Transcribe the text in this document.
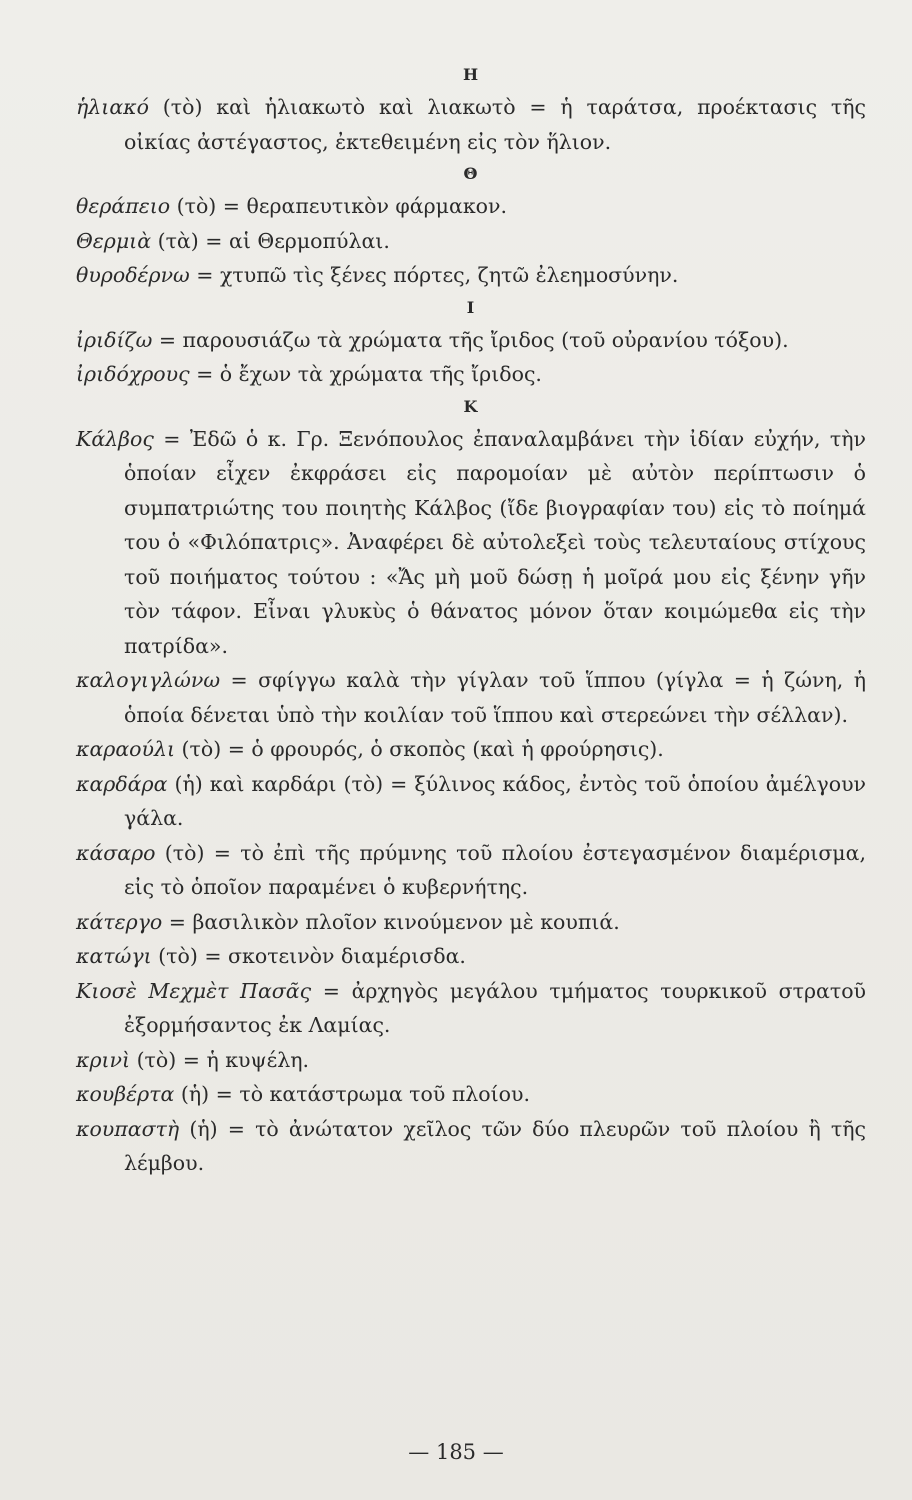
Η

ἡλιακό (τὸ) καὶ ἡλιακωτὸ καὶ λιακωτὸ = ἡ ταράτσα, προέκτασις τῆς οἰκίας ἀστέγαστος, ἐκτεθειμένη εἰς τὸν ἥλιον.

Θ

θεράπειο (τὸ) = θεραπευτικὸν φάρμακον.

Θερμιὰ (τὰ) = αἱ Θερμοπύλαι.

θυροδέρνω = χτυπῶ τὶς ξένες πόρτες, ζητῶ ἐλεημοσύνην.

Ι

ἰριδίζω = παρουσιάζω τὰ χρώματα τῆς ἴριδος (τοῦ οὐρανίου τόξου).

ἰριδόχρους = ὁ ἔχων τὰ χρώματα τῆς ἴριδος.

Κ

Κάλβος = Ἐδῶ ὁ κ. Γρ. Ξενόπουλος ἐπαναλαμβάνει τὴν ἰδίαν εὐχήν, τὴν ὁποίαν εἶχεν ἐκφράσει εἰς παρομοίαν μὲ αὐτὸν περίπτωσιν ὁ συμπατριώτης του ποιητὴς Κάλβος (ἴδε βιογραφίαν του) εἰς τὸ ποίημά του ὁ «Φιλόπατρις». Ἀναφέρει δὲ αὐτολεξεὶ τοὺς τελευταίους στίχους τοῦ ποιήματος τούτου : «Ἄς μὴ μοῦ δώσῃ ἡ μοῖρά μου εἰς ξένην γῆν τὸν τάφον. Εἶναι γλυκὺς ὁ θάνατος μόνον ὅταν κοιμώμεθα εἰς τὴν πατρίδα».

καλογιγλώνω = σφίγγω καλὰ τὴν γίγλαν τοῦ ἵππου (γίγλα = ἡ ζώνη, ἡ ὁποία δένεται ὑπὸ τὴν κοιλίαν τοῦ ἵππου καὶ στερεώνει τὴν σέλλαν).

καραούλι (τὸ) = ὁ φρουρός, ὁ σκοπὸς (καὶ ἡ φρούρησις).

καρδάρα (ἡ) καὶ καρδάρι (τὸ) = ξύλινος κάδος, ἐντὸς τοῦ ὁποίου ἀμέλγουν γάλα.

κάσαρο (τὸ) = τὸ ἐπὶ τῆς πρύμνης τοῦ πλοίου ἐστεγασμένον διαμέρισμα, εἰς τὸ ὁποῖον παραμένει ὁ κυβερνήτης.

κάτεργο = βασιλικὸν πλοῖον κινούμενον μὲ κουπιά.

κατώγι (τὸ) = σκοτεινὸν διαμέρισδα.

Κιοσὲ Μεχμὲτ Πασᾶς = ἀρχηγὸς μεγάλου τμήματος τουρκικοῦ στρατοῦ ἐξορμήσαντος ἐκ Λαμίας.

κρινὶ (τὸ) = ἡ κυψέλη.

κουβέρτα (ἡ) = τὸ κατάστρωμα τοῦ πλοίου.

κουπαστὴ (ἡ) = τὸ ἀνώτατον χεῖλος τῶν δύο πλευρῶν τοῦ πλοίου ἢ τῆς λέμβου.

— 185 —
